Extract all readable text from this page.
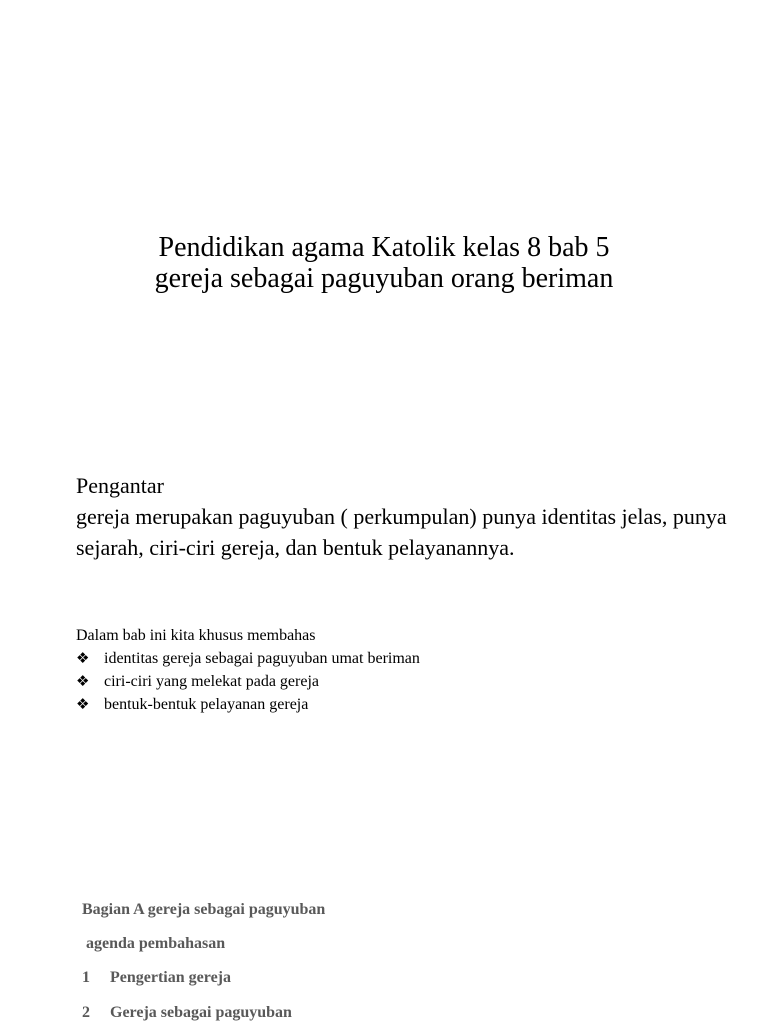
Pendidikan agama Katolik kelas 8 bab 5
gereja sebagai paguyuban orang beriman
Pengantar
gereja merupakan paguyuban ( perkumpulan) punya identitas jelas, punya sejarah, ciri-ciri gereja, dan bentuk pelayanannya.
Dalam bab ini kita khusus membahas
❖ identitas gereja sebagai paguyuban umat beriman
❖ ciri-ciri yang melekat pada gereja
❖ bentuk-bentuk pelayanan gereja
Bagian A gereja sebagai paguyuban
agenda pembahasan
1	Pengertian gereja
2	Gereja sebagai paguyuban
